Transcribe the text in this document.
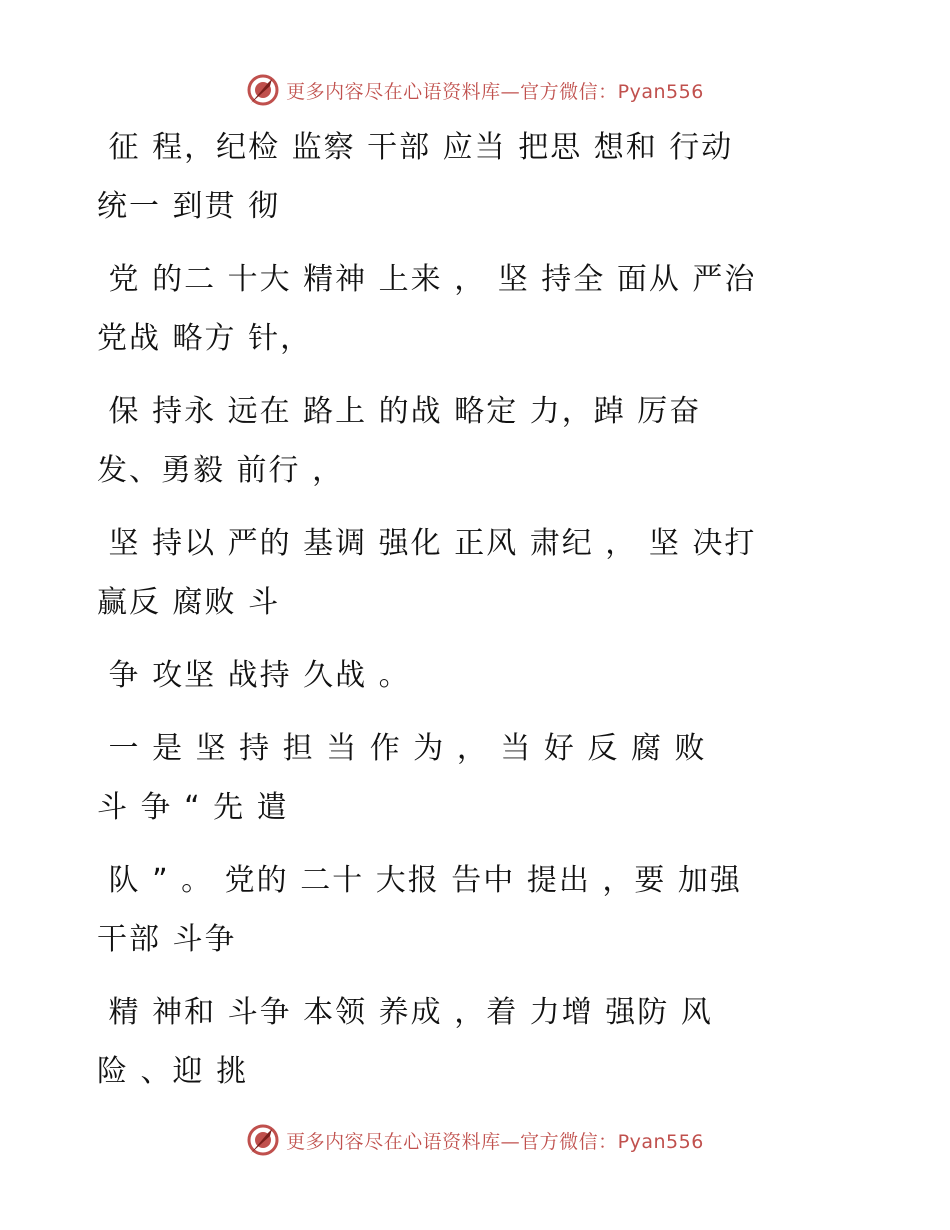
更多内容尽在心语资料库—官方微信：Pyan556
征 程，纪检 监察 干部 应当 把思 想和 行动
统一 到贯 彻
党 的二 十大 精神 上来 ， 坚 持全 面从 严治
党战 略方 针，
保 持永 远在 路上 的战 略定 力，踔 厉奋
发、勇毅 前行 ，
坚 持以 严的 基调 强化 正风 肃纪 ， 坚 决打
赢反 腐败 斗
争 攻坚 战持 久战 。
一 是 坚 持 担 当 作 为 ， 当 好 反 腐 败
斗 争 “ 先 遣
队 ” 。 党的 二十 大报 告中 提出 ，要 加强
干部 斗争
精 神和 斗争 本领 养成 ，着 力增 强防 风
险 、迎 挑
更多内容尽在心语资料库—官方微信：Pyan556
